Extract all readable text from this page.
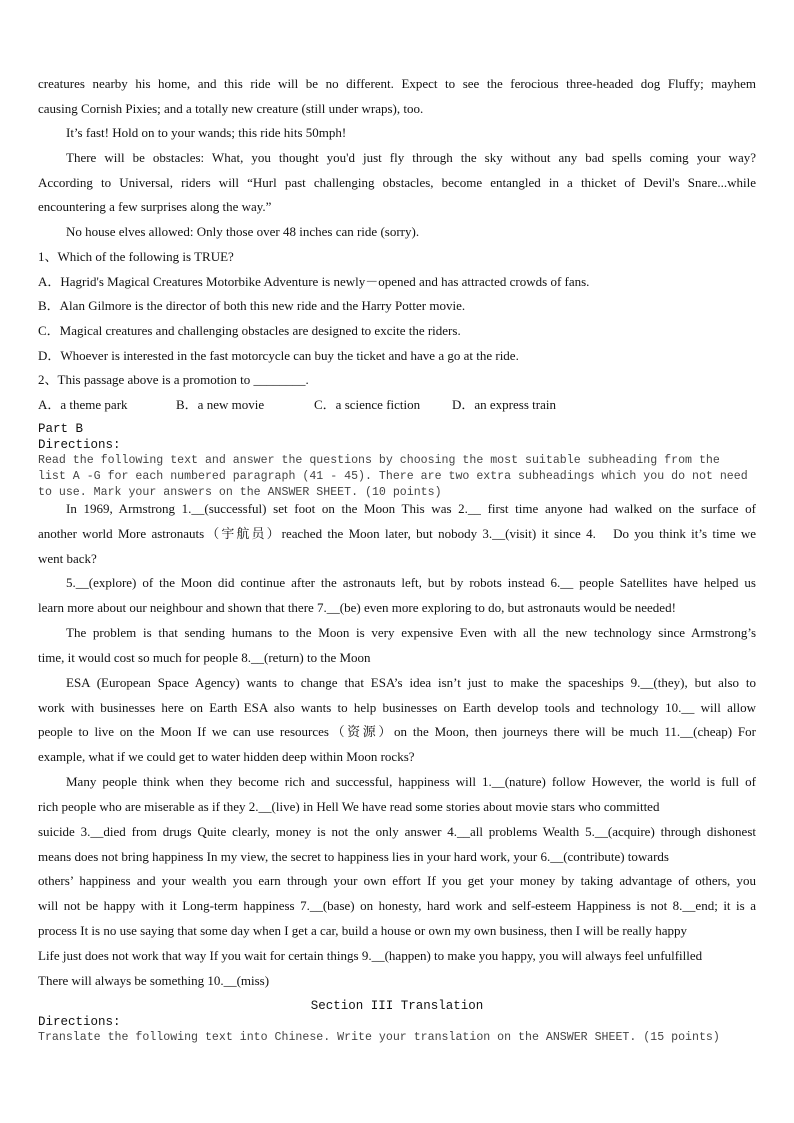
creatures nearby his home, and this ride will be no different. Expect to see the ferocious three-headed dog Fluffy; mayhem
causing Cornish Pixies; and a totally new creature (still under wraps), too.
It’s fast! Hold on to your wands; this ride hits 50mph!
There will be obstacles: What, you thought you'd just fly through the sky without any bad spells coming your way?
According to Universal, riders will “Hurl past challenging obstacles, become entangled in a thicket of Devil's Snare...while
encountering a few surprises along the way.”
No house elves allowed: Only those over 48 inches can ride (sorry).
1、Which of the following is TRUE?
A．Hagrid's Magical Creatures Motorbike Adventure is newly－opened and has attracted crowds of fans.
B．Alan Gilmore is the director of both this new ride and the Harry Potter movie.
C．Magical creatures and challenging obstacles are designed to excite the riders.
D．Whoever is interested in the fast motorcycle can buy the ticket and have a go at the ride.
2、This passage above is a promotion to ________.
A．a theme park	B．a new movie	C．a science fiction D．an express train
Part B
Directions:
Read the following text and answer the questions by choosing the most suitable subheading from the
list A -G for each numbered paragraph (41 - 45). There are two extra subheadings which you do not need
to use. Mark your answers on the ANSWER SHEET. (10 points)
In 1969, Armstrong 1.__(successful) set foot on the Moon This was 2.__ first time anyone had walked on the surface of
another world More astronauts（宇航员）reached the Moon later, but nobody 3.__(visit) it since 4.　Do you think it’s time we
went back?
5.__(explore) of the Moon did continue after the astronauts left, but by robots instead 6.__ people Satellites have helped us
learn more about our neighbour and shown that there 7.__(be) even more exploring to do, but astronauts would be needed!
The problem is that sending humans to the Moon is very expensive Even with all the new technology since Armstrong’s
time, it would cost so much for people 8.__(return) to the Moon
ESA (European Space Agency) wants to change that ESA’s idea isn’t just to make the spaceships 9.__(they), but also to
work with businesses here on Earth ESA also wants to help businesses on Earth develop tools and technology 10.__ will allow
people to live on the Moon If we can use resources（资源）on the Moon, then journeys there will be much 11.__(cheap) For
example, what if we could get to water hidden deep within Moon rocks?
Many people think when they become rich and successful, happiness will 1.__(nature) follow However, the world is full of
rich people who are miserable as if they 2.__(live) in Hell We have read some stories about movie stars who committed
suicide 3.__died from drugs Quite clearly, money is not the only answer 4.__all problems Wealth 5.__(acquire) through dishonest
means does not bring happiness In my view, the secret to happiness lies in your hard work, your 6.__(contribute) towards
others’ happiness and your wealth you earn through your own effort If you get your money by taking advantage of others, you
will not be happy with it Long-term happiness 7.__(base) on honesty, hard work and self-esteem Happiness is not 8.__end; it is a
process It is no use saying that some day when I get a car, build a house or own my own business, then I will be really happy
Life just does not work that way If you wait for certain things 9.__(happen) to make you happy, you will always feel unfulfilled
There will always be something 10.__(miss)
Section III Translation
Directions:
Translate the following text into Chinese. Write your translation on the ANSWER SHEET. (15 points)
